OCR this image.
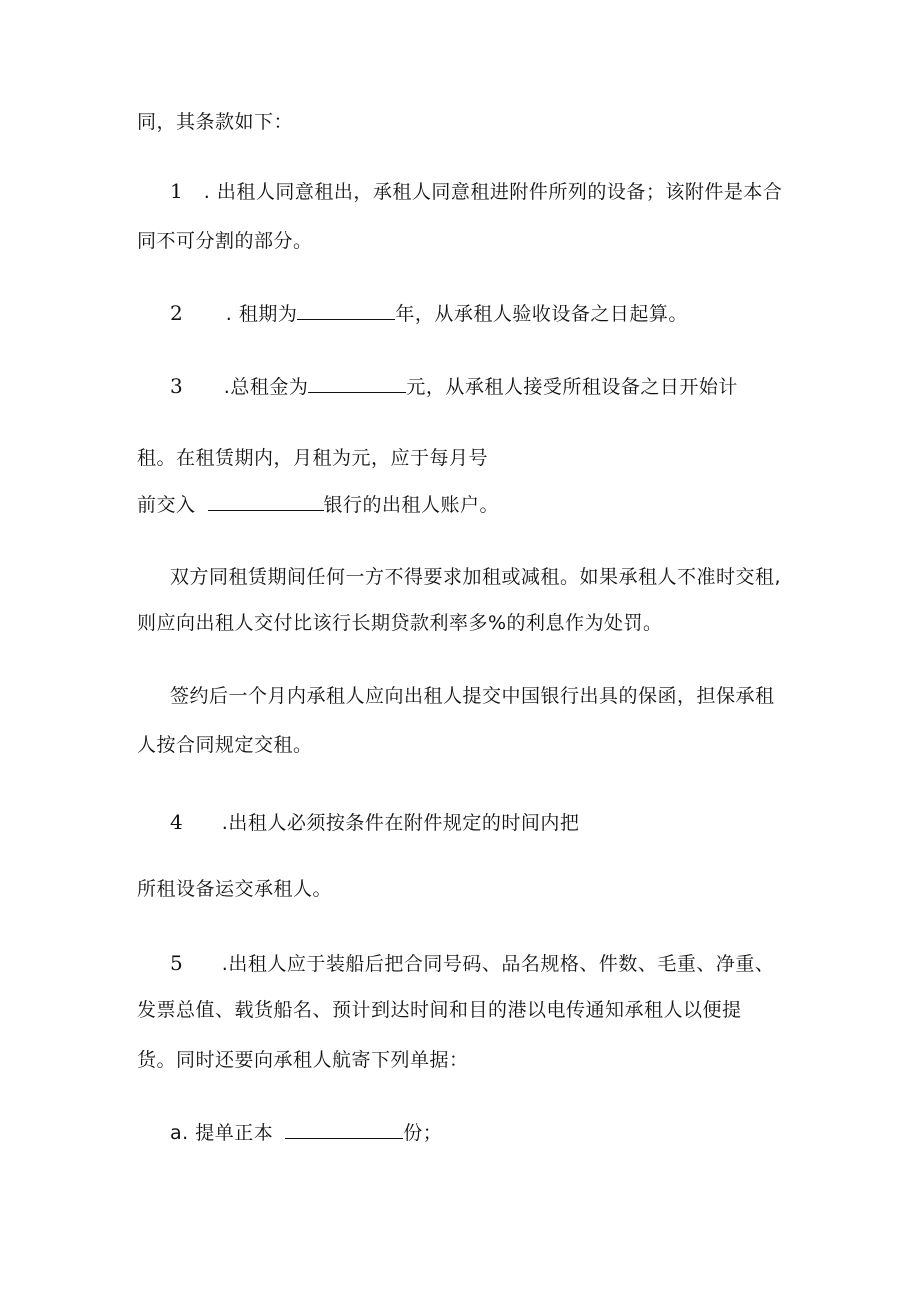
同，其条款如下：
1 . 出租人同意租出，承租人同意租进附件所列的设备；该附件是本合
同不可分割的部分。
2 . 租期为	年，从承租人验收设备之日起算。
3 .总租金为	元，从承租人接受所租设备之日开始计
租。在租赁期内，月租为元，应于每月号
前交入	银行的出租人账户。
双方同租赁期间任何一方不得要求加租或减租。如果承租人不准时交租,
则应向出租人交付比该行长期贷款利率多%的利息作为处罚。
签约后一个月内承租人应向出租人提交中国银行出具的保函，担保承租
人按合同规定交租。
4 .出租人必须按条件在附件规定的时间内把
所租设备运交承租人。
5 .出租人应于装船后把合同号码、品名规格、件数、毛重、净重、
发票总值、载货船名、预计到达时间和目的港以电传通知承租人以便提
货。同时还要向承租人航寄下列单据：
a. 提单正本	份；
